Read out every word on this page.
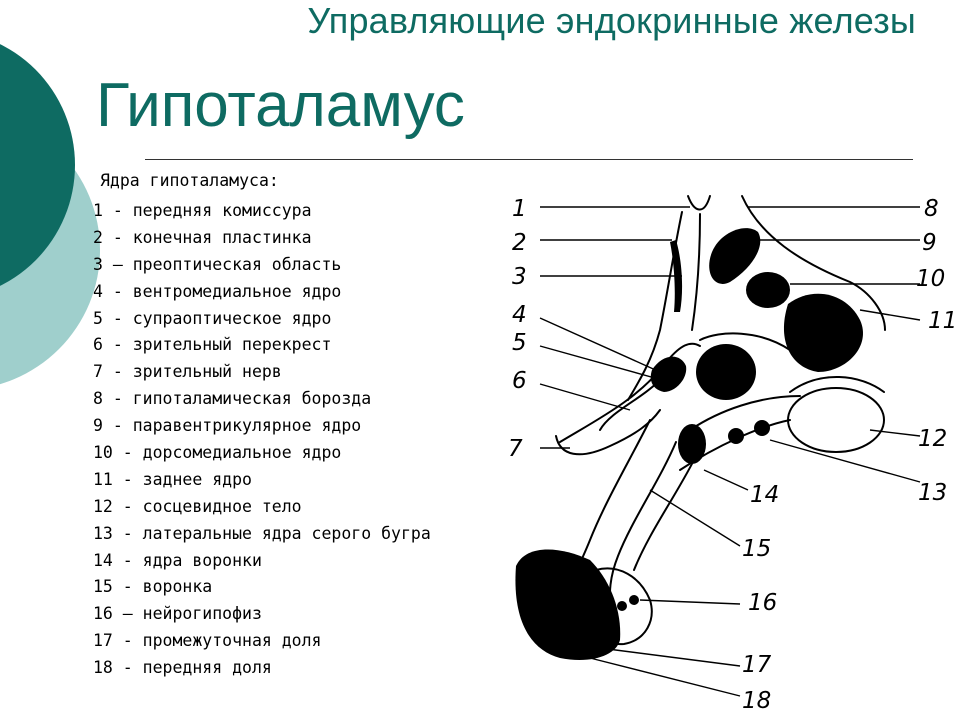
Управляющие эндокринные железы
Гипоталамус
Ядра гипоталамуса:
1 - передняя комиссура
2 - конечная пластинка
3 – преоптическая область
4 - вентромедиальное ядро
5 - супраоптическое ядро
6 - зрительный перекрест
7 - зрительный нерв
8 - гипоталамическая борозда
9 - паравентрикулярное ядро
10 - дорсомедиальное ядро
11 - заднее ядро
12 - сосцевидное тело
13 - латеральные ядра серого бугра
14 - ядра воронки
15 - воронка
16 – нейрогипофиз
17 - промежуточная доля
18 - передняя доля
1
2
3
4
5
6
7
8
9
10
11
12
13
14
15
16
17
18
